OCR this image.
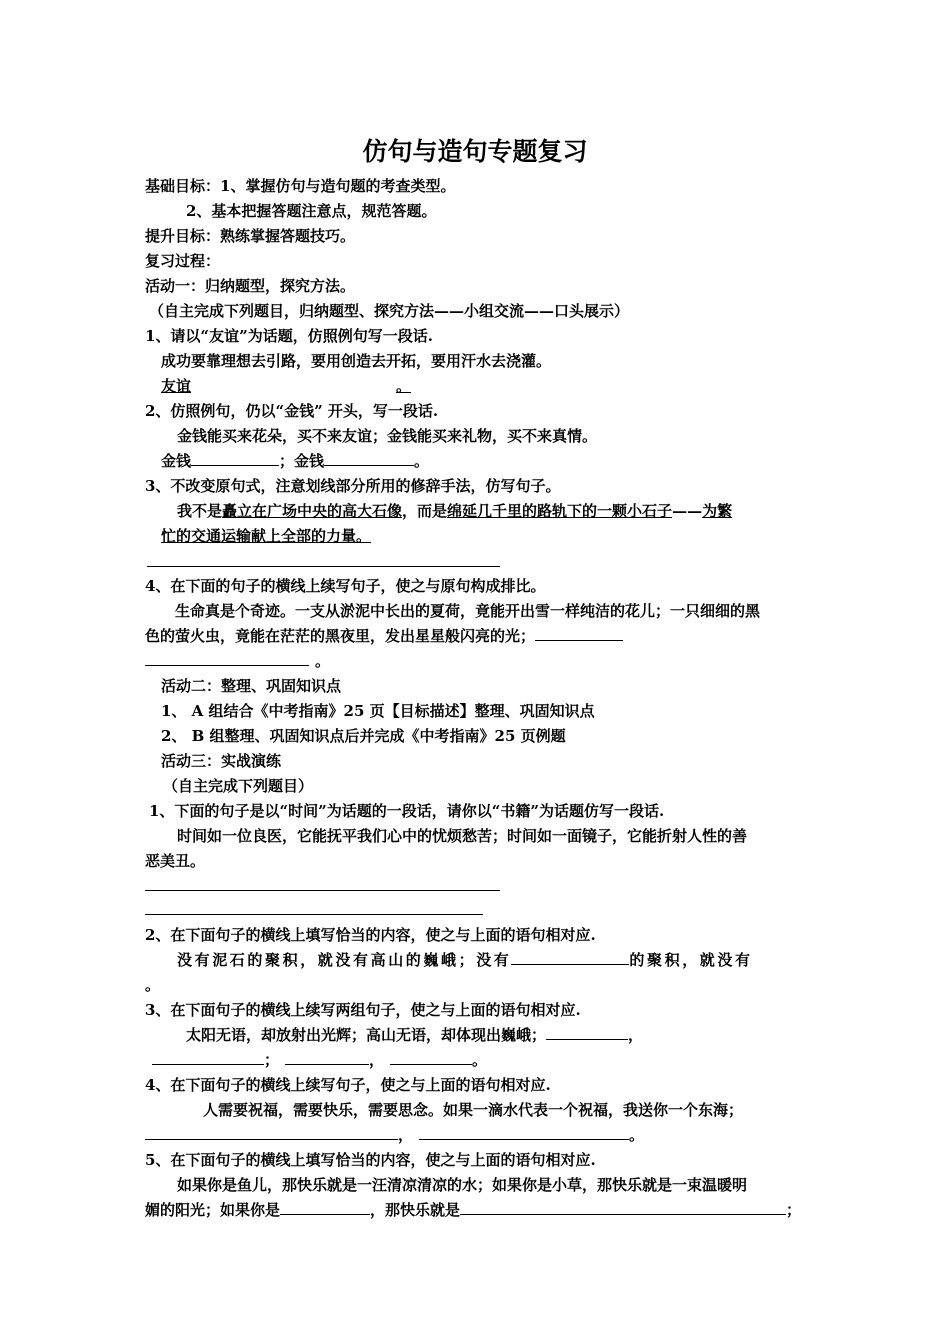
仿句与造句专题复习
基础目标：1、掌握仿句与造句题的考查类型。
2、基本把握答题注意点，规范答题。
提升目标：熟练掌握答题技巧。
复习过程：
活动一：归纳题型，探究方法。
（自主完成下列题目，归纳题型、探究方法——小组交流——口头展示）
1、请以“友谊”为话题，仿照例句写一段话.
成功要靠理想去引路，要用创造去开拓，要用汗水去浇灌。
友谊	。
2、仿照例句，仍以“金钱” 开头，写一段话.
金钱能买来花朵，买不来友谊；金钱能买来礼物，买不来真情。
金钱	；金钱	。
3、不改变原句式，注意划线部分所用的修辞手法，仿写句子。
我不是矗立在广场中央的高大石像，而是绵延几千里的路轨下的一颗小石子——为繁
忙的交通运输献上全部的力量。
4、在下面的句子的横线上续写句子，使之与原句构成排比。
生命真是个奇迹。一支从淤泥中长出的夏荷，竟能开出雪一样纯洁的花儿；一只细细的黑
色的萤火虫，竟能在茫茫的黑夜里，发出星星般闪亮的光；
。
活动二：整理、巩固知识点
1、 A 组结合《中考指南》25 页【目标描述】整理、巩固知识点
2、 B 组整理、巩固知识点后并完成《中考指南》25 页例题
活动三：实战演练
（自主完成下列题目）
1、下面的句子是以“时间”为话题的一段话，请你以“书籍”为话题仿写一段话.
时间如一位良医，它能抚平我们心中的忧烦愁苦；时间如一面镜子，它能折射人性的善
恶美丑。
2、在下面句子的横线上填写恰当的内容，使之与上面的语句相对应.
没有泥石的聚积，就没有高山的巍峨；没有	的聚积，就没有
。
3、在下面句子的横线上续写两组句子，使之与上面的语句相对应.
太阳无语，却放射出光辉；高山无语，却体现出巍峨；	，
；	，	。
4、在下面句子的横线上续写句子，使之与上面的语句相对应.
人需要祝福，需要快乐，需要思念。如果一滴水代表一个祝福，我送你一个东海；
，	。
5、在下面句子的横线上填写恰当的内容，使之与上面的语句相对应.
如果你是鱼儿，那快乐就是一汪清凉清凉的水；如果你是小草，那快乐就是一束温暖明
媚的阳光；如果你是	，那快乐就是	；
